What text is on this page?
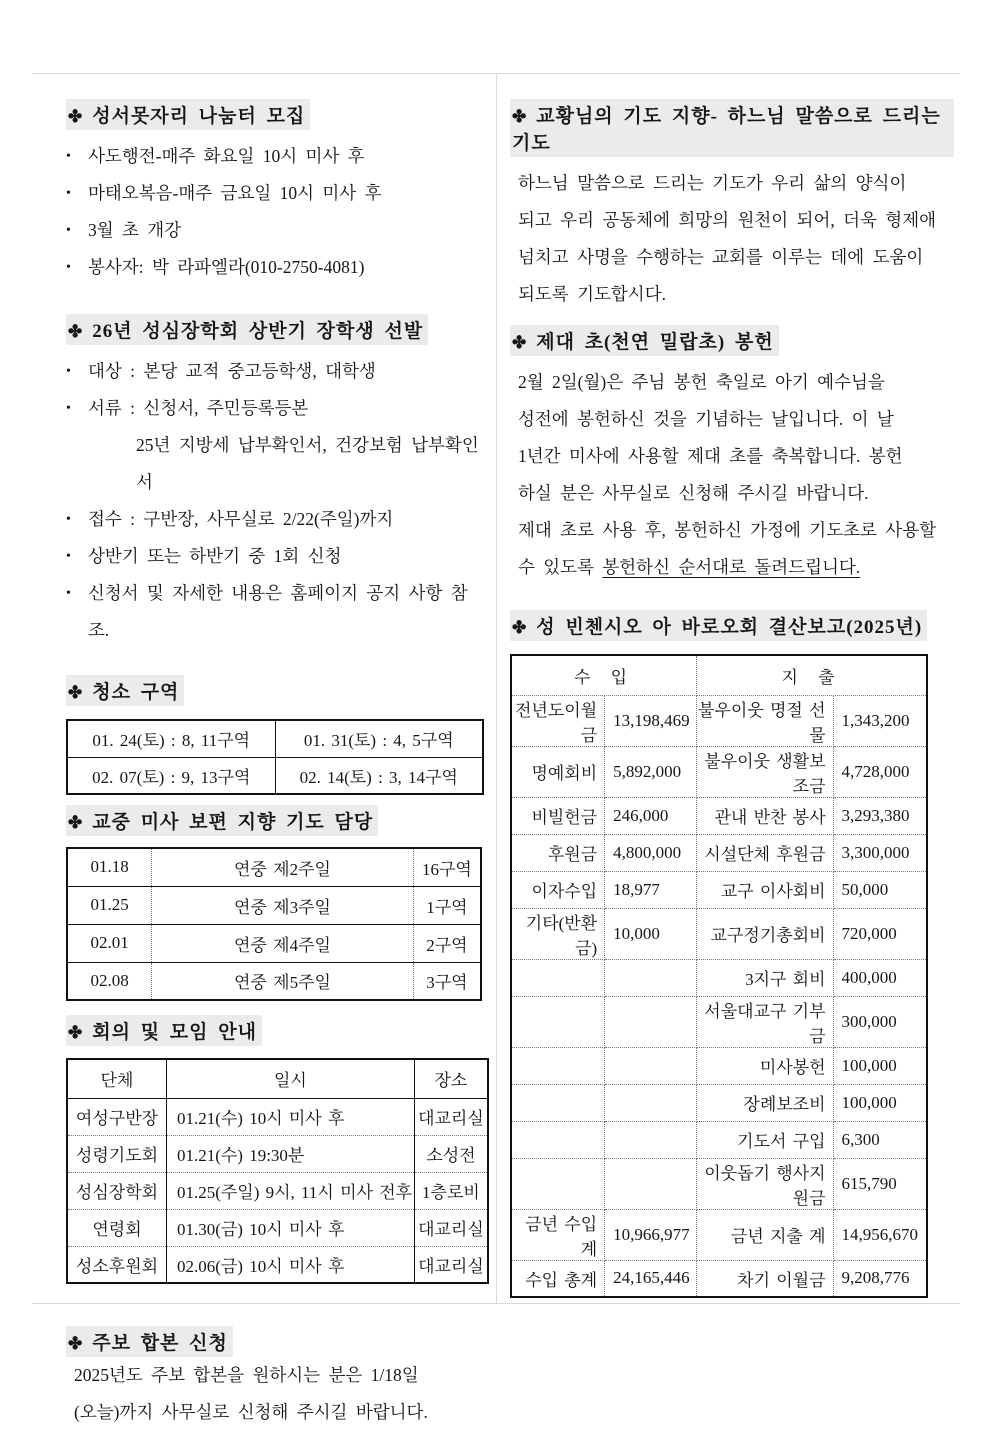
✤ 성서못자리 나눔터 모집
• 사도행전-매주 화요일 10시 미사 후
• 마태오복음-매주 금요일 10시 미사 후
• 3월 초 개강
• 봉사자: 박 라파엘라(010-2750-4081)
✤ 26년 성심장학회 상반기 장학생 선발
• 대상 : 본당 교적 중고등학생, 대학생
• 서류 : 신청서, 주민등록등본
25년 지방세 납부확인서, 건강보험 납부확인서
• 접수 : 구반장, 사무실로 2/22(주일)까지
• 상반기 또는 하반기 중 1회 신청
• 신청서 및 자세한 내용은 홈페이지 공지 사항 참조.
✤ 청소 구역
01. 24(토) : 8, 11구역	01. 31(토) : 4, 5구역
02. 07(토) : 9, 13구역	02. 14(토) : 3, 14구역
✤ 교중 미사 보편 지향 기도 담당
01.18	연중 제2주일	16구역
01.25	연중 제3주일	1구역
02.01	연중 제4주일	2구역
02.08	연중 제5주일	3구역
✤ 회의 및 모임 안내
단체	일시	장소
여성구반장	01.21(수) 10시 미사 후	대교리실
성령기도회	01.21(수) 19:30분	소성전
성심장학회	01.25(주일) 9시, 11시 미사 전후	1층로비
연령회	01.30(금) 10시 미사 후	대교리실
성소후원회	02.06(금) 10시 미사 후	대교리실
✤ 주보 합본 신청
2025년도 주보 합본을 원하시는 분은 1/18일
(오늘)까지 사무실로 신청해 주시길 바랍니다.
✤ 교황님의 기도 지향- 하느님 말씀으로 드리는 기도
하느님 말씀으로 드리는 기도가 우리 삶의 양식이
되고 우리 공동체에 희망의 원천이 되어, 더욱 형제애
넘치고 사명을 수행하는 교회를 이루는 데에 도움이
되도록 기도합시다.
✤ 제대 초(천연 밀랍초) 봉헌
2월 2일(월)은 주님 봉헌 축일로 아기 예수님을
성전에 봉헌하신 것을 기념하는 날입니다. 이 날
1년간 미사에 사용할 제대 초를 축복합니다. 봉헌
하실 분은 사무실로 신청해 주시길 바랍니다.
제대 초로 사용 후, 봉헌하신 가정에 기도초로 사용할
수 있도록 봉헌하신 순서대로 돌려드립니다.
✤ 성 빈첸시오 아 바로오회 결산보고(2025년)
수 입		지 출	
전년도이월금	13,198,469	불우이웃 명절 선물	1,343,200
명예회비	5,892,000	불우이웃 생활보조금	4,728,000
비빌헌금	246,000	관내 반찬 봉사	3,293,380
후원금	4,800,000	시설단체 후원금	3,300,000
이자수입	18,977	교구 이사회비	50,000
기타(반환금)	10,000	교구정기총회비	720,000
		3지구 회비	400,000
		서울대교구 기부금	300,000
		미사봉헌	100,000
		장례보조비	100,000
		기도서 구입	6,300
		이웃돕기 행사지원금	615,790
금년 수입 계	10,966,977	금년 지출 계	14,956,670
수입 총계	24,165,446	차기 이월금	9,208,776
